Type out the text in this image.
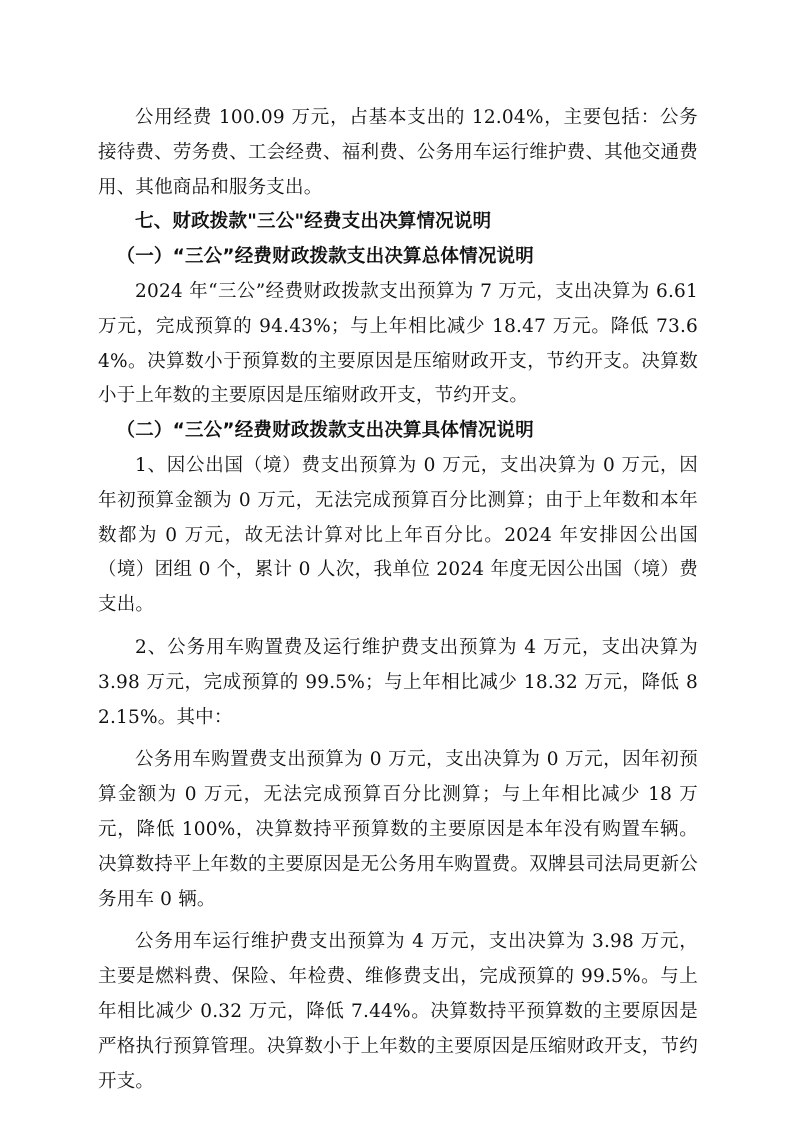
公用经费 100.09 万元，占基本支出的 12.04%，主要包括：公务接待费、劳务费、工会经费、福利费、公务用车运行维护费、其他交通费用、其他商品和服务支出。

七、财政拨款"三公"经费支出决算情况说明
（一）“三公”经费财政拨款支出决算总体情况说明

2024 年“三公”经费财政拨款支出预算为 7 万元，支出决算为 6.61 万元，完成预算的 94.43%；与上年相比减少 18.47 万元。降低 73.64%。决算数小于预算数的主要原因是压缩财政开支，节约开支。决算数小于上年数的主要原因是压缩财政开支，节约开支。

（二）“三公”经费财政拨款支出决算具体情况说明

1、因公出国（境）费支出预算为 0 万元，支出决算为 0 万元，因年初预算金额为 0 万元，无法完成预算百分比测算；由于上年数和本年数都为 0 万元，故无法计算对比上年百分比。2024 年安排因公出国（境）团组 0 个，累计 0 人次，我单位 2024 年度无因公出国（境）费支出。

2、公务用车购置费及运行维护费支出预算为 4 万元，支出决算为 3.98 万元，完成预算的 99.5%；与上年相比减少 18.32 万元，降低 82.15%。其中：

公务用车购置费支出预算为 0 万元，支出决算为 0 万元，因年初预算金额为 0 万元，无法完成预算百分比测算；与上年相比减少 18 万元，降低 100%，决算数持平预算数的主要原因是本年没有购置车辆。决算数持平上年数的主要原因是无公务用车购置费。双牌县司法局更新公务用车 0 辆。

公务用车运行维护费支出预算为 4 万元，支出决算为 3.98 万元，主要是燃料费、保险、年检费、维修费支出，完成预算的 99.5%。与上年相比减少 0.32 万元，降低 7.44%。决算数持平预算数的主要原因是严格执行预算管理。决算数小于上年数的主要原因是压缩财政开支，节约开支。
